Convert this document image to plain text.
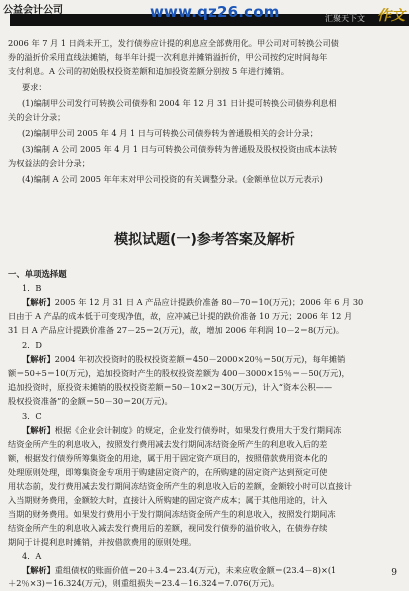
公益会计公司	www.qz26.com	汇聚天下文 作文
2006 年 7 月 1 日尚未开工，发行债券应计提的利息应全部费用化。甲公司对可转换公司债
券的溢折价采用直线法摊销，每半年计提一次利息并摊销溢折价，甲公司按约定时间每年
支付利息。A 公司的初始股权投资差额和追加投资差额分别按 5 年进行摊销。
要求：
(1)编制甲公司发行可转换公司债券和 2004 年 12 月 31 日计提可转换公司债券利息相
关的会计分录；
(2)编制甲公司 2005 年 4 月 1 日与可转换公司债券转为普通股相关的会计分录；
(3)编制 A 公司 2005 年 4 月 1 日与可转换公司债券转为普通股及股权投资由成本法转
为权益法的会计分录；
(4)编制 A 公司 2005 年年末对甲公司投资的有关调整分录。(金额单位以万元表示)
模拟试题(一)参考答案及解析
一、单项选择题
1．B
【解析】2005 年 12 月 31 日 A 产品应计提跌价准备 80－70＝10(万元)；2006 年 6 月 30
日由于 A 产品的成本低于可变现净值，故，应冲减已计提的跌价准备 10 万元；2006 年 12 月
31 日 A 产品应计提跌价准备 27－25＝2(万元)，故，增加 2006 年利润 10－2＝8(万元)。
2．D
【解析】2004 年初次投资时的股权投资差额＝450－2000×20％＝50(万元)，每年摊销
额＝50÷5＝10(万元)，追加投资时产生的股权投资差额为 400－3000×15％＝－50(万元)，
追加投资时，原投资未摊销的股权投资差额＝50－10×2＝30(万元)，计入“资本公积——
股权投资准备”的金额＝50－30＝20(万元)。
3．C
【解析】根据《企业会计制度》的规定，企业发行债券时，如果发行费用大于发行期间冻
结资金所产生的利息收入，按照发行费用减去发行期间冻结资金所产生的利息收入后的差
额，根据发行债券所筹集资金的用途，属于用于固定资产项目的，按照借款费用资本化的
处理原则处理，即筹集资金专项用于购建固定资产的，在所购建的固定资产达到预定可使
用状态前，发行费用减去发行期间冻结资金所产生的利息收入后的差额，金额较小时可以直接计
入当期财务费用，金额较大时，直接计入所购建的固定资产成本；属于其他用途的，计入
当期的财务费用。如果发行费用小于发行期间冻结资金所产生的利息收入，按照发行期间冻
结资金所产生的利息收入减去发行费用后的差额，视同发行债券的溢价收入，在债券存续
期间于计提利息时摊销，并按借款费用的原则处理。
4．A
【解析】重组债权的账面价值＝20＋3.4＝23.4(万元)，未来应收金额＝(23.4－8)×(1
＋2％×3)＝16.324(万元)，则重组损失＝23.4－16.324＝7.076(万元)。
9
